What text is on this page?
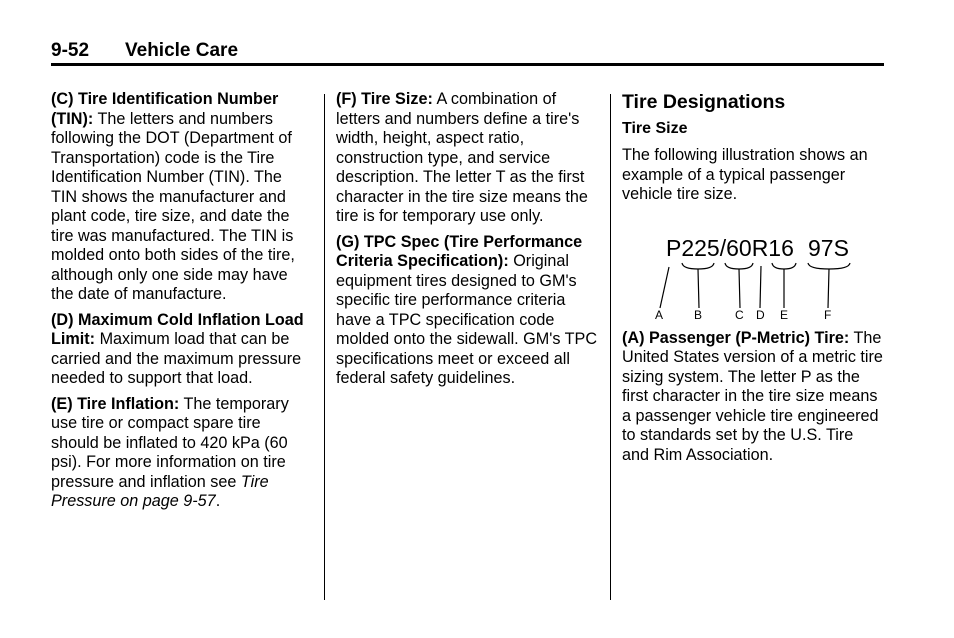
9-52 Vehicle Care

(C) Tire Identification Number (TIN): The letters and numbers following the DOT (Department of Transportation) code is the Tire Identification Number (TIN). The TIN shows the manufacturer and plant code, tire size, and date the tire was manufactured. The TIN is molded onto both sides of the tire, although only one side may have the date of manufacture.

(D) Maximum Cold Inflation Load Limit: Maximum load that can be carried and the maximum pressure needed to support that load.

(E) Tire Inflation: The temporary use tire or compact spare tire should be inflated to 420 kPa (60 psi). For more information on tire pressure and inflation see Tire Pressure on page 9-57.

(F) Tire Size: A combination of letters and numbers define a tire's width, height, aspect ratio, construction type, and service description. The letter T as the first character in the tire size means the tire is for temporary use only.

(G) TPC Spec (Tire Performance Criteria Specification): Original equipment tires designed to GM's specific tire performance criteria have a TPC specification code molded onto the sidewall. GM's TPC specifications meet or exceed all federal safety guidelines.

Tire Designations
Tire Size

The following illustration shows an example of a typical passenger vehicle tire size.

P225/60R16 97S
A	B	C D E	F

(A) Passenger (P-Metric) Tire: The United States version of a metric tire sizing system. The letter P as the first character in the tire size means a passenger vehicle tire engineered to standards set by the U.S. Tire and Rim Association.
